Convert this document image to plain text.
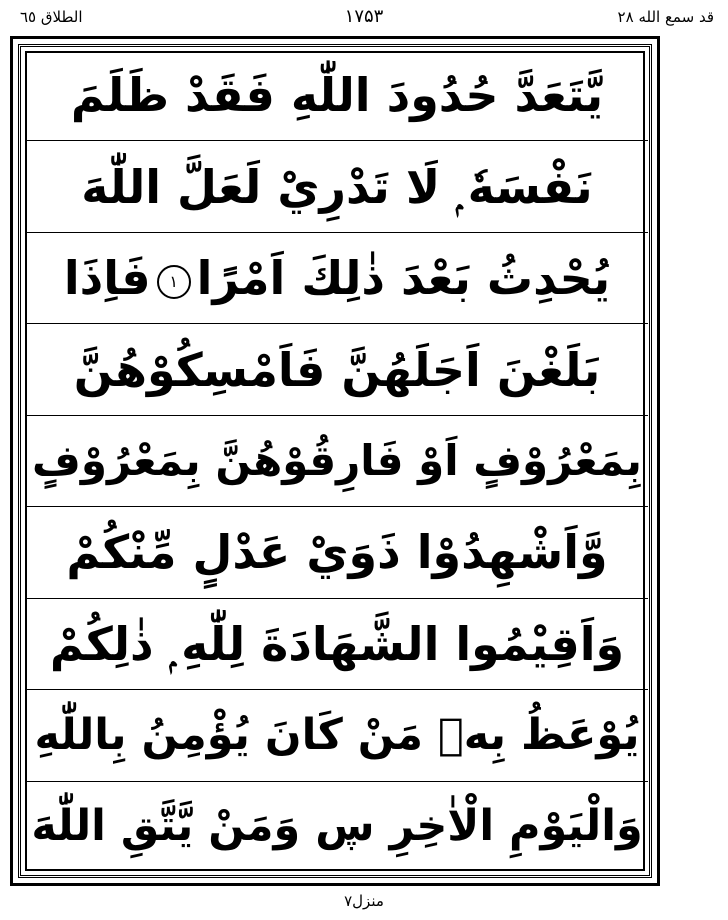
قد سمع الله ۲۸
۱۷۵۳
الطلاق ٦٥
يَّتَعَدَّ حُدُودَ اللّٰهِ فَقَدْ ظَلَمَ
نَفْسَهٗ ۭ لَا تَدْرِيْ لَعَلَّ اللّٰهَ
يُحْدِثُ بَعْدَ ذٰلِكَ اَمْرًا۱فَاِذَا
بَلَغْنَ اَجَلَهُنَّ فَاَمْسِكُوْهُنَّ
بِمَعْرُوْفٍ اَوْ فَارِقُوْهُنَّ بِمَعْرُوْفٍ
وَّاَشْهِدُوْا ذَوَيْ عَدْلٍ مِّنْكُمْ
وَاَقِيْمُوا الشَّهَادَةَ لِلّٰهِ ۭ ذٰلِكُمْ
يُوْعَظُ بِهٖ مَنْ كَانَ يُؤْمِنُ بِاللّٰهِ
وَالْيَوْمِ الْاٰخِرِ ڛ وَمَنْ يَّتَّقِ اللّٰهَ
منزل۷
